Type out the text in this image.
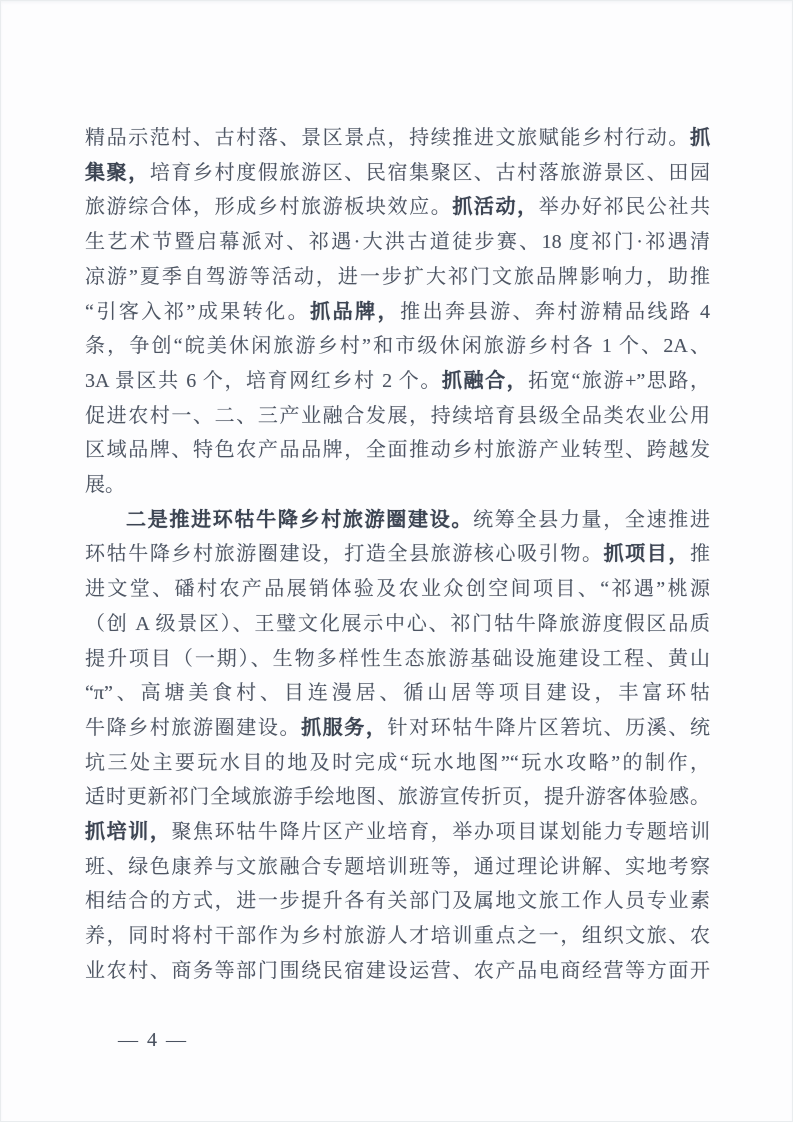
精品示范村、古村落、景区景点，持续推进文旅赋能乡村行动。抓
集聚，培育乡村度假旅游区、民宿集聚区、古村落旅游景区、田园
旅游综合体，形成乡村旅游板块效应。抓活动，举办好祁民公社共
生艺术节暨启幕派对、祁遇·大洪古道徒步赛、18 度祁门·祁遇清
凉游”夏季自驾游等活动，进一步扩大祁门文旅品牌影响力，助推
“引客入祁”成果转化。抓品牌，推出奔县游、奔村游精品线路 4
条，争创“皖美休闲旅游乡村”和市级休闲旅游乡村各 1 个、2A、
3A 景区共 6 个，培育网红乡村 2 个。抓融合，拓宽“旅游+”思路，
促进农村一、二、三产业融合发展，持续培育县级全品类农业公用
区域品牌、特色农产品品牌，全面推动乡村旅游产业转型、跨越发
展。
二是推进环牯牛降乡村旅游圈建设。统筹全县力量，全速推进
环牯牛降乡村旅游圈建设，打造全县旅游核心吸引物。抓项目，推
进文堂、磻村农产品展销体验及农业众创空间项目、“祁遇”桃源
（创 A 级景区）、王璧文化展示中心、祁门牯牛降旅游度假区品质
提升项目（一期）、生物多样性生态旅游基础设施建设工程、黄山
“π”、高塘美食村、目连漫居、循山居等项目建设，丰富环牯
牛降乡村旅游圈建设。抓服务，针对环牯牛降片区箬坑、历溪、统
坑三处主要玩水目的地及时完成“玩水地图”“玩水攻略”的制作，
适时更新祁门全域旅游手绘地图、旅游宣传折页，提升游客体验感。
抓培训，聚焦环牯牛降片区产业培育，举办项目谋划能力专题培训
班、绿色康养与文旅融合专题培训班等，通过理论讲解、实地考察
相结合的方式，进一步提升各有关部门及属地文旅工作人员专业素
养，同时将村干部作为乡村旅游人才培训重点之一，组织文旅、农
业农村、商务等部门围绕民宿建设运营、农产品电商经营等方面开
— 4 —
